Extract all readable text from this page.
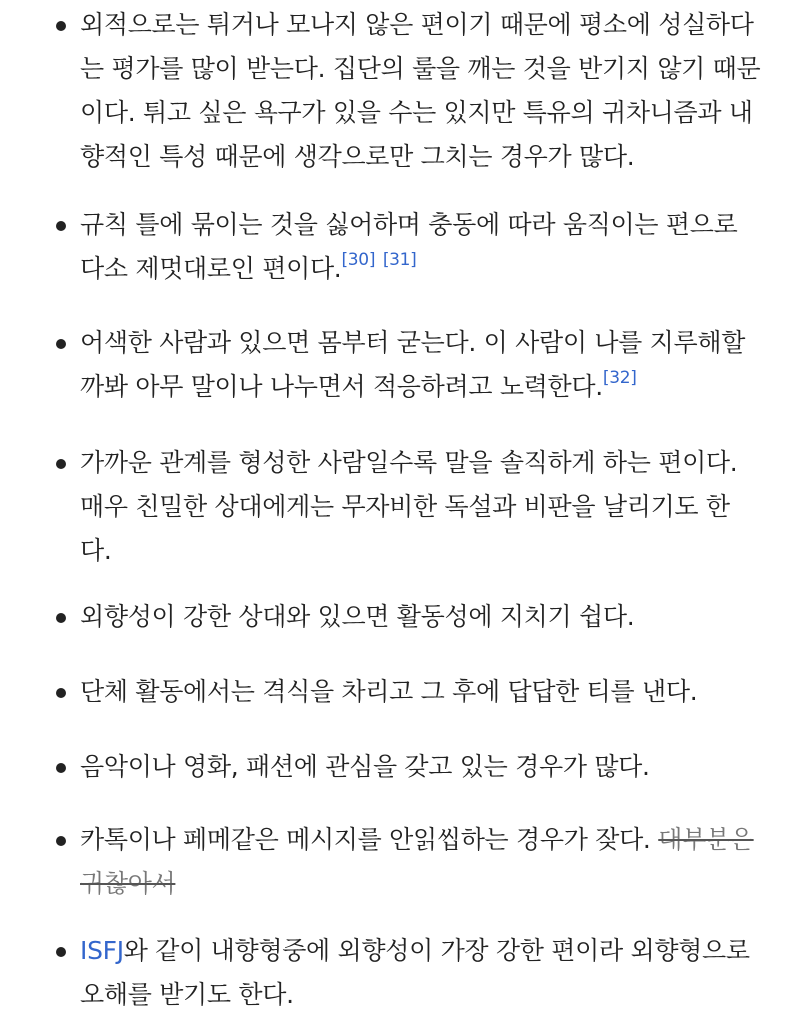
외적으로는 튀거나 모나지 않은 편이기 때문에 평소에 성실하다
는 평가를 많이 받는다. 집단의 룰을 깨는 것을 반기지 않기 때문
이다. 튀고 싶은 욕구가 있을 수는 있지만 특유의 귀차니즘과 내
향적인 특성 때문에 생각으로만 그치는 경우가 많다.
규칙 틀에 묶이는 것을 싫어하며 충동에 따라 움직이는 편으로
다소 제멋대로인 편이다.[30] [31]
어색한 사람과 있으면 몸부터 굳는다. 이 사람이 나를 지루해할
까봐 아무 말이나 나누면서 적응하려고 노력한다.[32]
가까운 관계를 형성한 사람일수록 말을 솔직하게 하는 편이다.
매우 친밀한 상대에게는 무자비한 독설과 비판을 날리기도 한
다.
외향성이 강한 상대와 있으면 활동성에 지치기 쉽다.
단체 활동에서는 격식을 차리고 그 후에 답답한 티를 낸다.
음악이나 영화, 패션에 관심을 갖고 있는 경우가 많다.
카톡이나 페메같은 메시지를 안읽씹하는 경우가 잦다. 대부분은
귀찮아서
ISFJ와 같이 내향형중에 외향성이 가장 강한 편이라 외향형으로
오해를 받기도 한다.
